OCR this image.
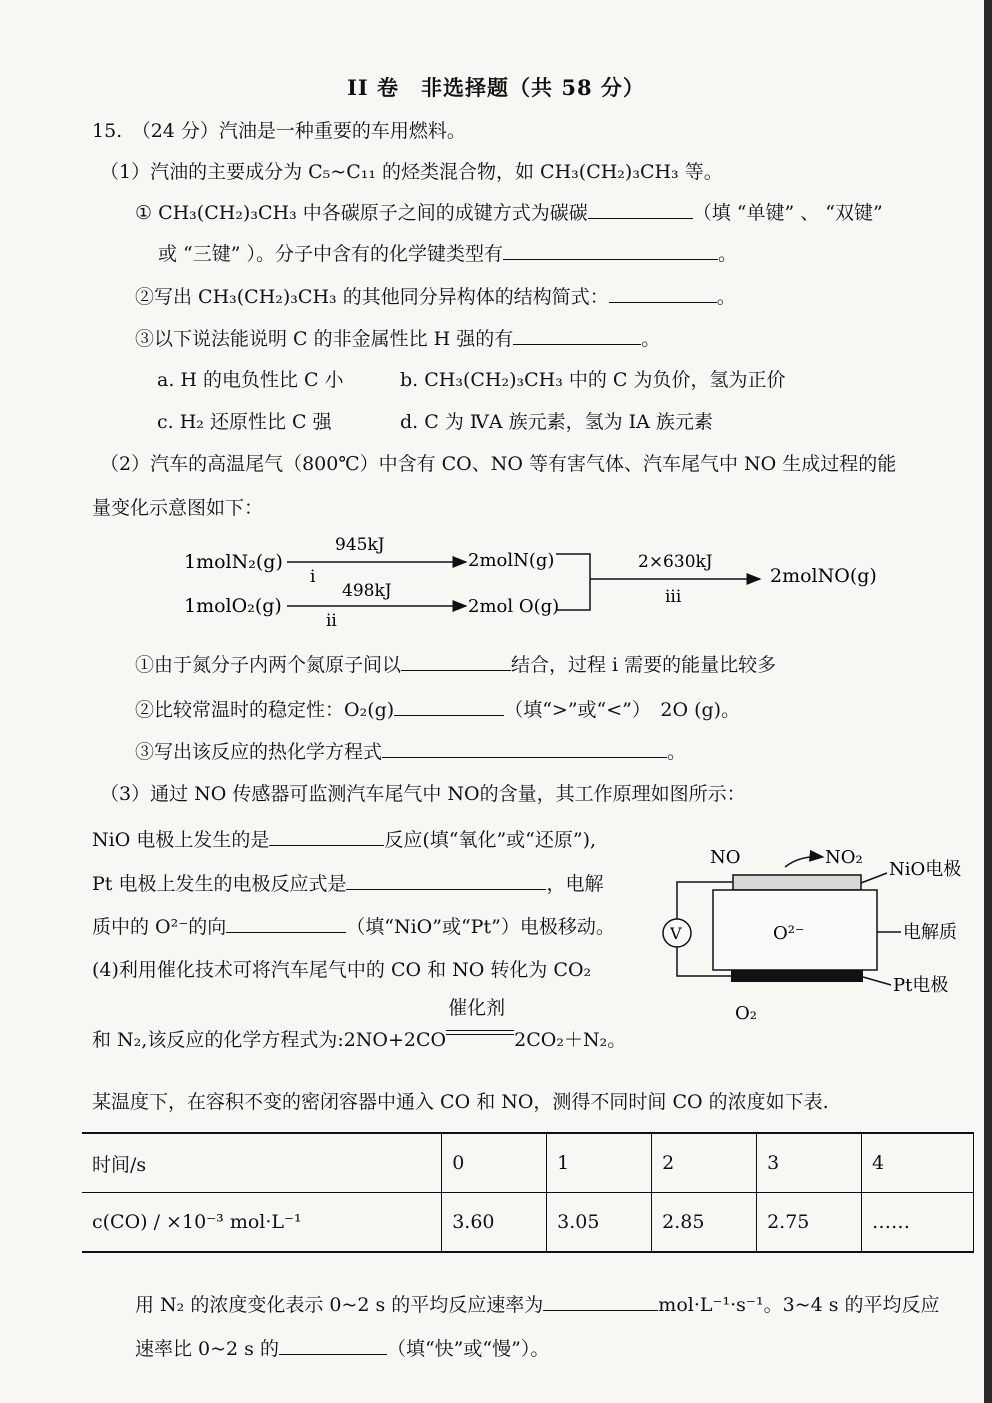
II 卷　非选择题（共 58 分）
15.　（24 分）汽油是一种重要的车用燃料。
（1）汽油的主要成分为 C₅~C₁₁ 的烃类混合物，如 CH₃(CH₂)₃CH₃ 等。
① CH₃(CH₂)₃CH₃ 中各碳原子之间的成键方式为碳碳	（填 “单键” 、 “双键”
或 “三键” ）。分子中含有的化学键类型有	。
②写出 CH₃(CH₂)₃CH₃ 的其他同分异构体的结构简式：	。
③以下说法能说明 C 的非金属性比 H 强的有	。
a. H 的电负性比 C 小	b. CH₃(CH₂)₃CH₃ 中的 C 为负价，氢为正价
c. H₂ 还原性比 C 强	d. C 为 ⅣA 族元素，氢为 IA 族元素
（2）汽车的高温尾气（800℃）中含有 CO、NO 等有害气体、汽车尾气中 NO 生成过程的能
量变化示意图如下：
1molN₂(g)
1molO₂(g)
945kJ
i
498kJ
ii
2molN(g)
2mol O(g)
2×630kJ
iii
2molNO(g)
①由于氮分子内两个氮原子间以	结合，过程 i 需要的能量比较多
②比较常温时的稳定性：O₂(g)	（填“>”或“<”）　2O (g)。
③写出该反应的热化学方程式	。
（3）通过 NO 传感器可监测汽车尾气中 NO的含量，其工作原理如图所示：
NiO 电极上发生的是	反应(填“氧化”或“还原”),
Pt 电极上发生的电极反应式是	，电解
质中的 O²⁻的向	（填“NiO”或“Pt”）电极移动。
NO	NO₂
NiO电极
O²⁻	电解质
Pt电极
V
O₂
(4)利用催化技术可将汽车尾气中的 CO 和 NO 转化为 CO₂
和 N₂,该反应的化学方程式为:2NO+2CO
催化剂
2CO₂＋N₂。
某温度下，在容积不变的密闭容器中通入 CO 和 NO，测得不同时间 CO 的浓度如下表.
时间/s	0	1	2	3	4
c(CO) / ×10⁻³ mol·L⁻¹	3.60	3.05	2.85	2.75	……
用 N₂ 的浓度变化表示 0~2 s 的平均反应速率为	mol·L⁻¹·s⁻¹。3~4 s 的平均反应
速率比 0~2 s 的	（填“快”或“慢”）。
